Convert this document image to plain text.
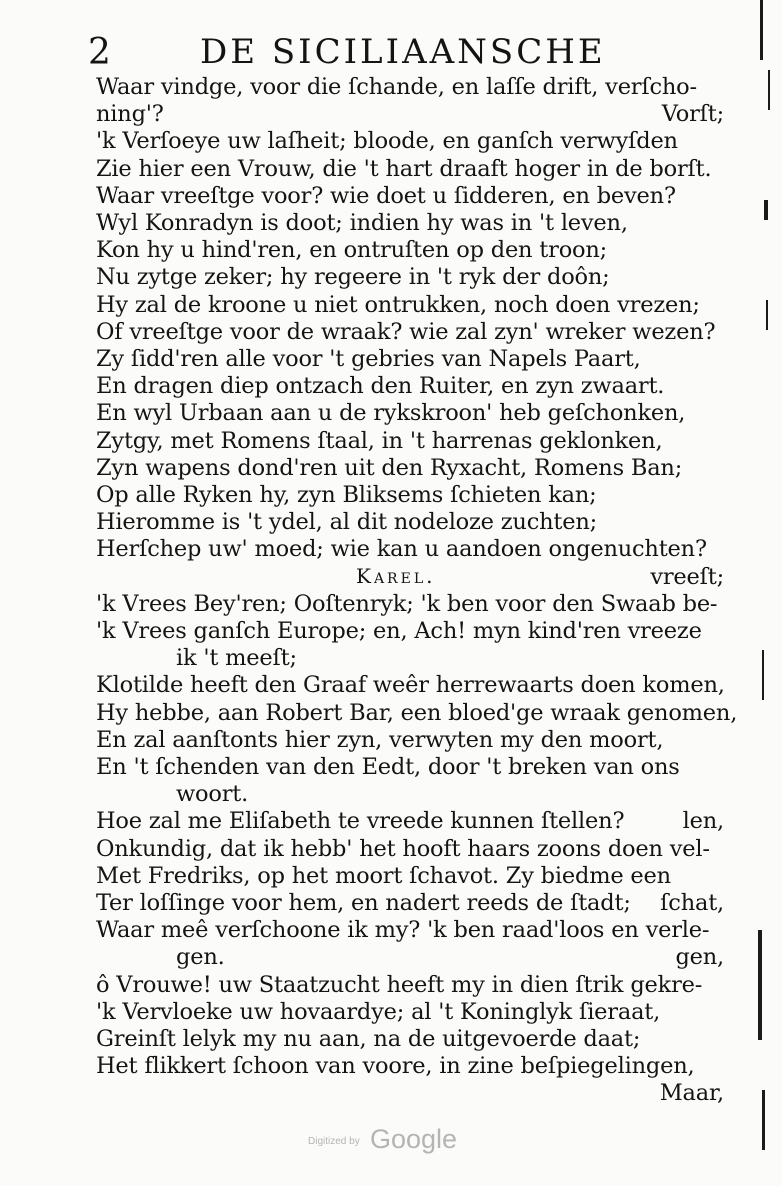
2	DE SICILIAANSCHE
Waar vindge, voor die ſchande, en laſſe drift, verſcho-
ning'?	Vorſt;
'k Verſoeye uw laſheit; bloode, en ganſch verwyſden
Zie hier een Vrouw, die 't hart draaft hoger in de borſt.
Waar vreeſtge voor? wie doet u ſidderen, en beven?
Wyl Konradyn is doot; indien hy was in 't leven,
Kon hy u hind'ren, en ontruſten op den troon;
Nu zytge zeker; hy regeere in 't ryk der doôn;
Hy zal de kroone u niet ontrukken, noch doen vrezen;
Of vreeſtge voor de wraak? wie zal zyn' wreker wezen?
Zy ſidd'ren alle voor 't gebries van Napels Paart,
En dragen diep ontzach den Ruiter, en zyn zwaart.
En wyl Urbaan aan u de rykskroon' heb geſchonken,
Zytgy, met Romens ſtaal, in 't harrenas geklonken,
Zyn wapens dond'ren uit den Ryxacht, Romens Ban;
Op alle Ryken hy, zyn Bliksems ſchieten kan;
Hieromme is 't ydel, al dit nodeloze zuchten;
Herſchep uw' moed; wie kan u aandoen ongenuchten?
Karel.	vreeſt;
'k Vrees Bey'ren; Ooſtenryk; 'k ben voor den Swaab be-
'k Vrees ganſch Europe; en, Ach! myn kind'ren vreeze
ik 't meeſt;
Klotilde heeft den Graaf weêr herrewaarts doen komen,
Hy hebbe, aan Robert Bar, een bloed'ge wraak genomen,
En zal aanſtonts hier zyn, verwyten my den moort,
En 't ſchenden van den Eedt, door 't breken van ons
woort.
Hoe zal me Eliſabeth te vreede kunnen ſtellen?	len,
Onkundig, dat ik hebb' het hooft haars zoons doen vel-
Met Fredriks, op het moort ſchavot. Zy biedme een
Ter loſſinge voor hem, en nadert reeds de ſtadt; ſchat,
Waar meê verſchoone ik my? 'k ben raad'loos en verle-
gen.	gen,
ô Vrouwe! uw Staatzucht heeft my in dien ſtrik gekre-
'k Vervloeke uw hovaardye; al 't Koninglyk ſieraat,
Greinſt lelyk my nu aan, na de uitgevoerde daat;
Het flikkert ſchoon van voore, in zine beſpiegelingen,
Maar,
Digitized by Google
